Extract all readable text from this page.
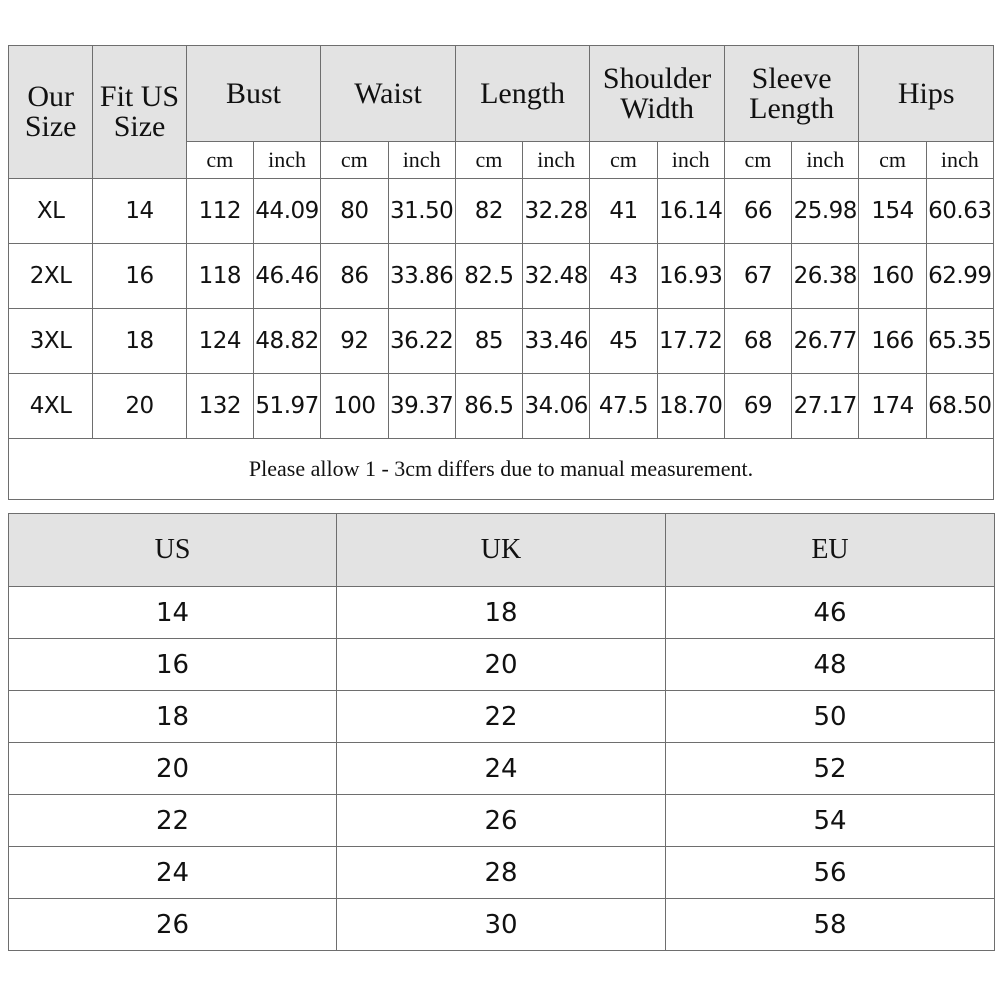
Our Size	Fit US Size	Bust		Waist		Length		Shoulder Width		Sleeve Length		Hips	
		cm	inch	cm	inch	cm	inch	cm	inch	cm	inch	cm	inch
XL	14	112	44.09	80	31.50	82	32.28	41	16.14	66	25.98	154	60.63
2XL	16	118	46.46	86	33.86	82.5	32.48	43	16.93	67	26.38	160	62.99
3XL	18	124	48.82	92	36.22	85	33.46	45	17.72	68	26.77	166	65.35
4XL	20	132	51.97	100	39.37	86.5	34.06	47.5	18.70	69	27.17	174	68.50
Please allow 1 - 3cm differs due to manual measurement.													
US	UK	EU
14	18	46
16	20	48
18	22	50
20	24	52
22	26	54
24	28	56
26	30	58
